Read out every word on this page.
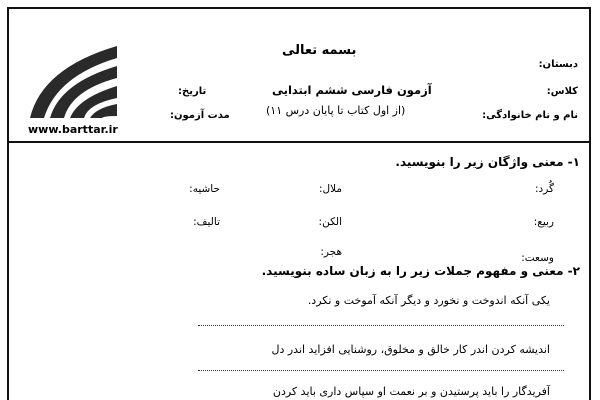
www.barttar.ir
بسمه تعالی
آزمون فارسی ششم ابتدایی
(از اول کتاب تا پایان درس ۱۱)
دبستان:
کلاس:
نام و نام خانوادگی:
تاریخ:
مدت آزمون:
۱- معنی واژگان زیر را بنویسید.
گُرد:
ملال:
حاشیه:
ربیع:
الکن:
تالیف:
وسعت:
هجر:
۲- معنی و مفهوم جملات زیر را به زبان ساده بنویسید.
یکی آنکه اندوخت و نخورد و دیگر آنکه آموخت و نکرد.
اندیشه کردن اندر کار خالق و مخلوق، روشنایی افزاید اندر دل
آفریدگار را باید پرستیدن و بر نعمت او سپاس داری باید کردن
